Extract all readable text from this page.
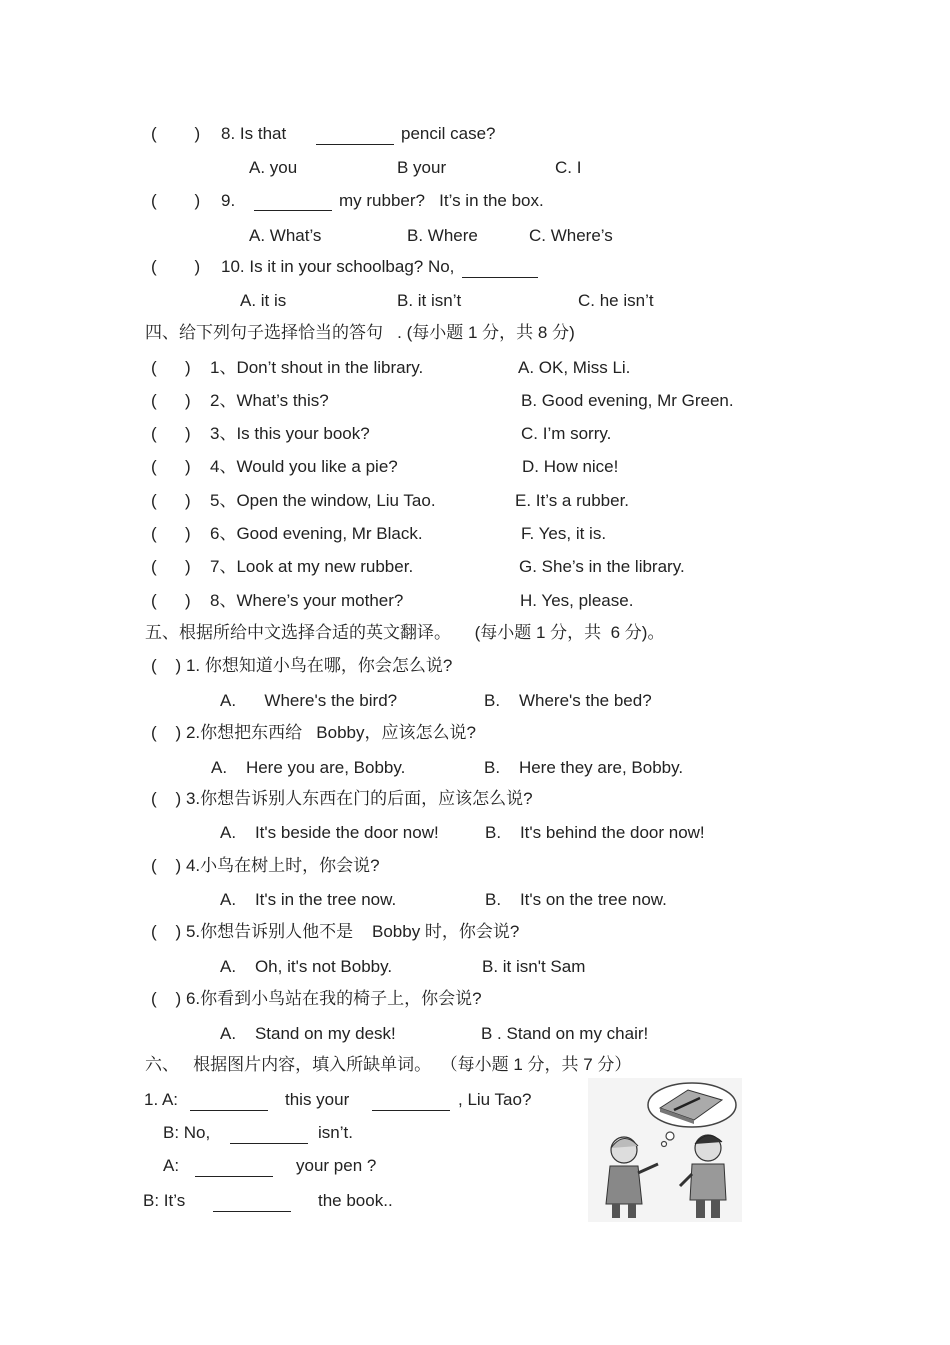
(        ) 8. Is that	pencil case?
A. you	B your	C. I
(        ) 9.	my rubber?   It’s in the box.
A. What’s	B. Where	C. Where’s
(        ) 10. Is it in your schoolbag? No,
A. it is	B. it isn’t	C. he isn’t
四、给下列句子选择恰当的答句   . (每小题 1 分，共 8 分)
(      ) 1、Don’t shout in the library.	A. OK, Miss Li.
(      ) 2、What’s this?	B. Good evening, Mr Green.
(      ) 3、Is this your book?	C. I’m sorry.
(      ) 4、Would you like a pie?	D. How nice!
(      ) 5、Open the window, Liu Tao.	E. It’s a rubber.
(      ) 6、Good evening, Mr Black.	F. Yes, it is.
(      ) 7、Look at my new rubber.	G. She’s in the library.
(      ) 8、Where’s your mother?	H. Yes, please.
五、根据所给中文选择合适的英文翻译。     (每小题 1 分，共  6 分)。
(    ) 1. 你想知道小鸟在哪，你会怎么说?
A.      Where's the bird?	B.    Where's the bed?
(    ) 2.你想把东西给   Bobby，应该怎么说?
A.    Here you are, Bobby.	B.    Here they are, Bobby.
(    ) 3.你想告诉别人东西在门的后面，应该怎么说?
A.    It's beside the door now!	B.    It's behind the door now!
(    ) 4.小鸟在树上时，你会说?
A.    It's in the tree now.	B.    It's on the tree now.
(    ) 5.你想告诉别人他不是    Bobby 时，你会说?
A.    Oh, it's not Bobby.	B. it isn't Sam
(    ) 6.你看到小鸟站在我的椅子上，你会说?
A.    Stand on my desk!	B . Stand on my chair!
六、   根据图片内容，填入所缺单词。  （每小题 1 分，共 7 分）
1. A:	this your	, Liu Tao?
B: No,	isn’t.
A:	your pen ?
B: It’s	the book..
